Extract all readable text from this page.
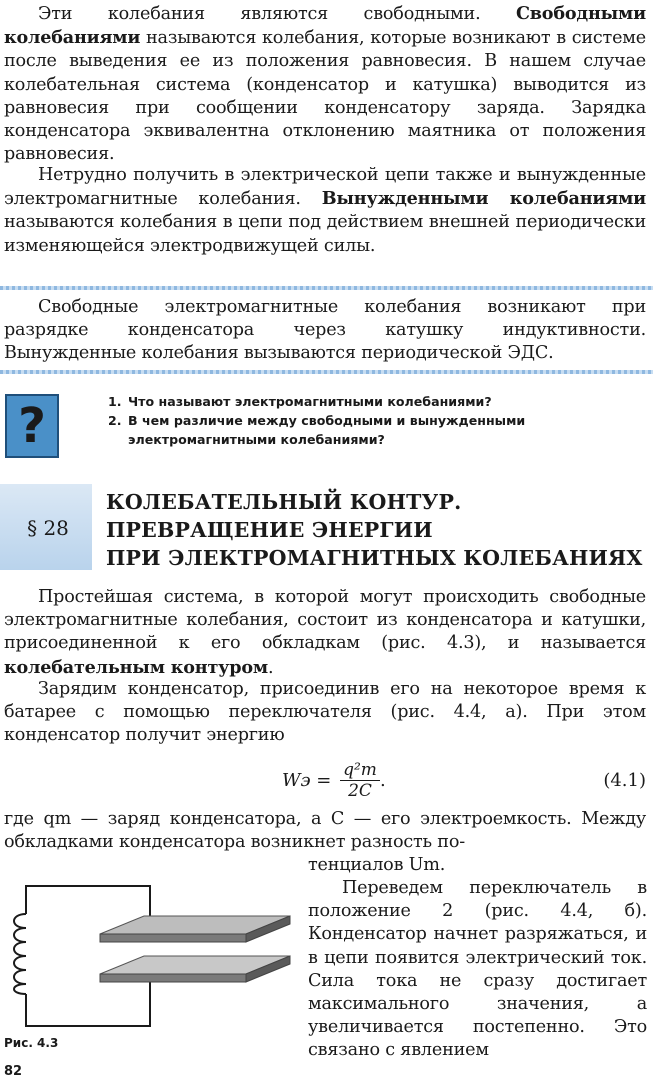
Эти колебания являются свободными. Свободными колебаниями называются колебания, которые возникают в системе после выведения ее из положения равновесия. В нашем случае колебательная система (конденсатор и катушка) выводится из равновесия при сообщении конденсатору заряда. Зарядка конденсатора эквивалентна отклонению маятника от положения равновесия.

Нетрудно получить в электрической цепи также и вынужденные электромагнитные колебания. Вынужденными колебаниями называются колебания в цепи под действием внешней периодически изменяющейся электродвижущей силы.

Свободные электромагнитные колебания возникают при разрядке конденсатора через катушку индуктивности. Вынужденные колебания вызываются периодической ЭДС.

?	1. Что называют электромагнитными колебаниями?
2. В чем различие между свободными и вынужденными электромагнитными колебаниями?
§ 28
КОЛЕБАТЕЛЬНЫЙ КОНТУР.
ПРЕВРАЩЕНИЕ ЭНЕРГИИ
ПРИ ЭЛЕКТРОМАГНИТНЫХ КОЛЕБАНИЯХ

Простейшая система, в которой могут происходить свободные электромагнитные колебания, состоит из конденсатора и катушки, присоединенной к его обкладкам (рис. 4.3), и называется колебательным контуром.

Зарядим конденсатор, присоединив его на некоторое время к батарее с помощью переключателя (рис. 4.4, а). При этом конденсатор получит энергию

Wэ = $\frac{\text{q²m}}{2C}$ .	(4.1)

где qm — заряд конденсатора, а C — его электроемкость. Между обкладками конденсатора возникнет разность по-

тенциалов Um.

Переведем переключатель в положение 2 (рис. 4.4, б). Конденсатор начнет разряжаться, и в цепи появится электрический ток. Сила тока не сразу достигает максимального значения, а увеличивается постепенно. Это связано с явлением

Рис. 4.3
82
